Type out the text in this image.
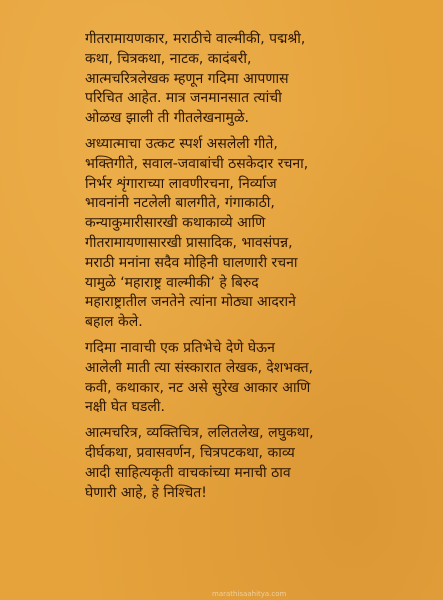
गीतरामायणकार, मराठीचे वाल्मीकी, पद्मश्री,
कथा, चित्रकथा, नाटक, कादंबरी,
आत्मचरित्रलेखक म्हणून गदिमा आपणास
परिचित आहेत. मात्र जनमानसात त्यांची
ओळख झाली ती गीतलेखनामुळे.
अध्यात्माचा उत्कट स्पर्श असलेली गीते,
भक्तिगीते, सवाल-जवाबांची ठसकेदार रचना,
निर्भर शृंगाराच्या लावणीरचना, निर्व्याज
भावनांनी नटलेली बालगीते, गंगाकाठी,
कन्याकुमारीसारखी कथाकाव्ये आणि
गीतरामायणासारखी प्रासादिक, भावसंपन्न,
मराठी मनांना सदैव मोहिनी घालणारी रचना
यामुळे ‘महाराष्ट्र वाल्मीकी’ हे बिरुद
महाराष्ट्रातील जनतेने त्यांना मोठ्या आदराने
बहाल केले.
गदिमा नावाची एक प्रतिभेचे देणे घेऊन
आलेली माती त्या संस्कारात लेखक, देशभक्त,
कवी, कथाकार, नट असे सुरेख आकार आणि
नक्षी घेत घडली.
आत्मचरित्र, व्यक्तिचित्र, ललितलेख, लघुकथा,
दीर्घकथा, प्रवासवर्णन, चित्रपटकथा, काव्य
आदी साहित्यकृती वाचकांच्या मनाची ठाव
घेणारी आहे, हे निश्चित!
marathisaahitya.com
